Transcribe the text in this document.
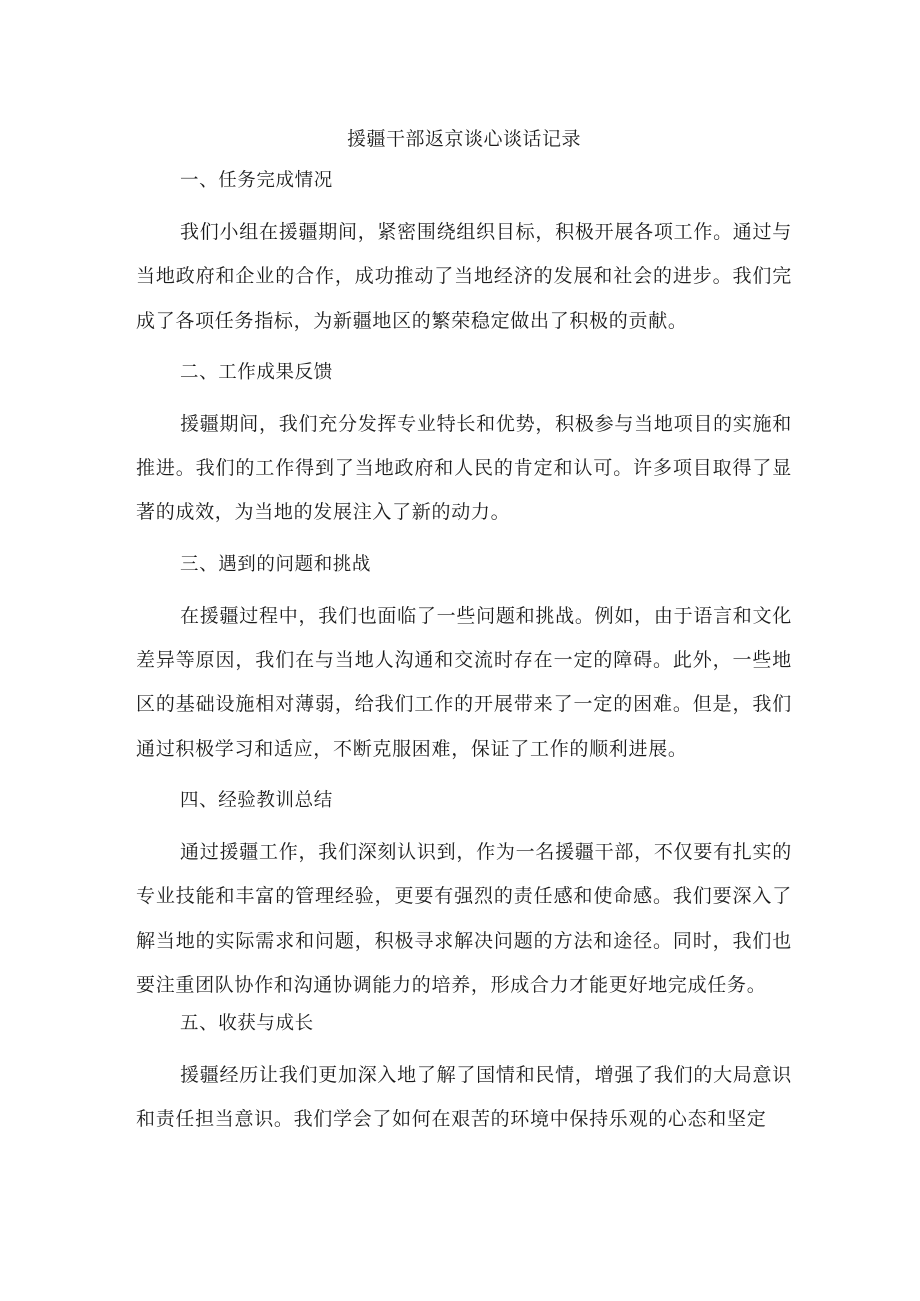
援疆干部返京谈心谈话记录
一、任务完成情况

我们小组在援疆期间，紧密围绕组织目标，积极开展各项工作。通过与当地政府和企业的合作，成功推动了当地经济的发展和社会的进步。我们完成了各项任务指标，为新疆地区的繁荣稳定做出了积极的贡献。

二、工作成果反馈

援疆期间，我们充分发挥专业特长和优势，积极参与当地项目的实施和推进。我们的工作得到了当地政府和人民的肯定和认可。许多项目取得了显著的成效，为当地的发展注入了新的动力。

三、遇到的问题和挑战

在援疆过程中，我们也面临了一些问题和挑战。例如，由于语言和文化差异等原因，我们在与当地人沟通和交流时存在一定的障碍。此外，一些地区的基础设施相对薄弱，给我们工作的开展带来了一定的困难。但是，我们通过积极学习和适应，不断克服困难，保证了工作的顺利进展。

四、经验教训总结

通过援疆工作，我们深刻认识到，作为一名援疆干部，不仅要有扎实的专业技能和丰富的管理经验，更要有强烈的责任感和使命感。我们要深入了解当地的实际需求和问题，积极寻求解决问题的方法和途径。同时，我们也要注重团队协作和沟通协调能力的培养，形成合力才能更好地完成任务。

五、收获与成长

援疆经历让我们更加深入地了解了国情和民情，增强了我们的大局意识和责任担当意识。我们学会了如何在艰苦的环境中保持乐观的心态和坚定
